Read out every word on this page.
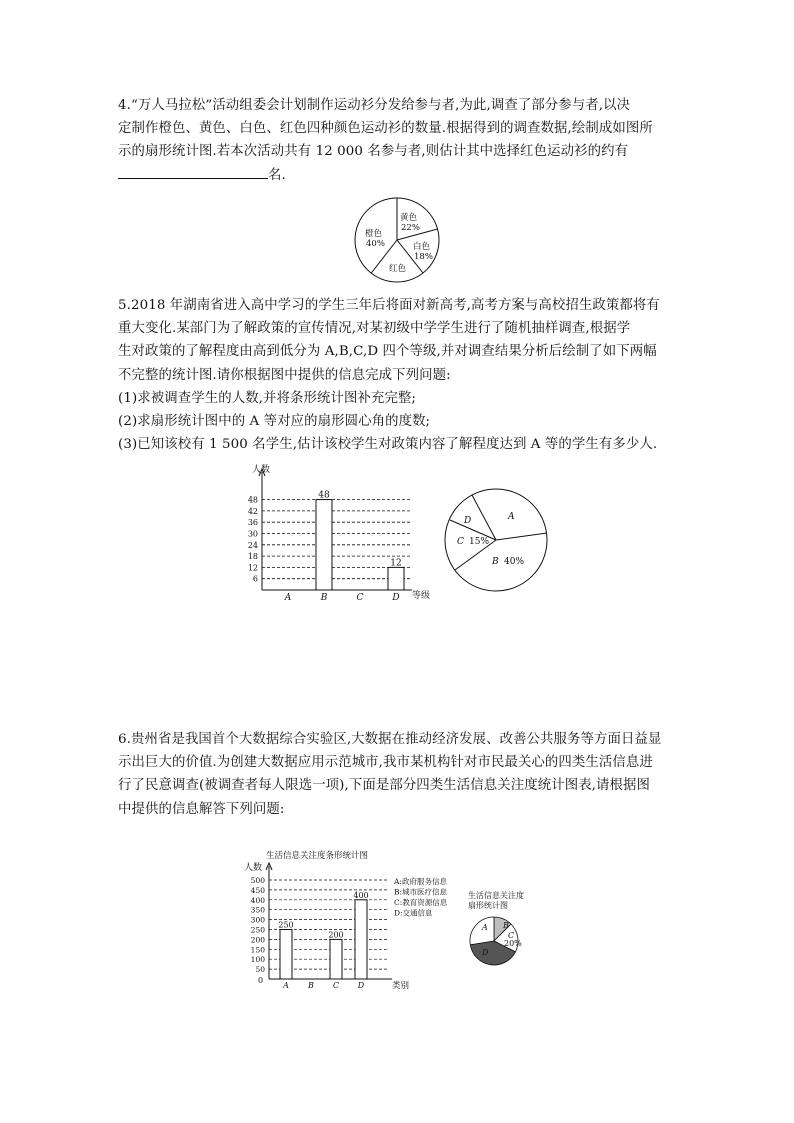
4.“万人马拉松”活动组委会计划制作运动衫分发给参与者,为此,调查了部分参与者,以决

定制作橙色、黄色、白色、红色四种颜色运动衫的数量.根据得到的调查数据,绘制成如图所

示的扇形统计图.若本次活动共有 12 000 名参与者,则估计其中选择红色运动衫的约有

名.

黄色
22%
白色
18%
红色
橙色
40%

5.2018 年湖南省进入高中学习的学生三年后将面对新高考,高考方案与高校招生政策都将有

重大变化.某部门为了解政策的宣传情况,对某初级中学学生进行了随机抽样调查,根据学

生对政策的了解程度由高到低分为 A,B,C,D 四个等级,并对调查结果分析后绘制了如下两幅

不完整的统计图.请你根据图中提供的信息完成下列问题:

(1)求被调查学生的人数,并将条形统计图补充完整;

(2)求扇形统计图中的 A 等对应的扇形圆心角的度数;

(3)已知该校有 1 500 名学生,估计该校学生对政策内容了解程度达到 A 等的学生有多少人.

6
12
18
24
30
36
42
48	48
12
A	B	C	D
人数
等级
A
B 40%
C 15%
D

6.贵州省是我国首个大数据综合实验区,大数据在推动经济发展、改善公共服务等方面日益显

示出巨大的价值.为创建大数据应用示范城市,我市某机构针对市民最关心的四类生活信息进

行了民意调查(被调查者每人限选一项),下面是部分四类生活信息关注度统计图表,请根据图

中提供的信息解答下列问题:

生活信息关注度条形统计图
人数
50
100
150
200
250
300
350
400
450
500
250
200
400
A B C D
0
类别
A:政府服务信息
B:城市医疗信息
C:教育资源信息
D:交通信息
生活信息关注度
扇形统计图
A B
C
20%
D
